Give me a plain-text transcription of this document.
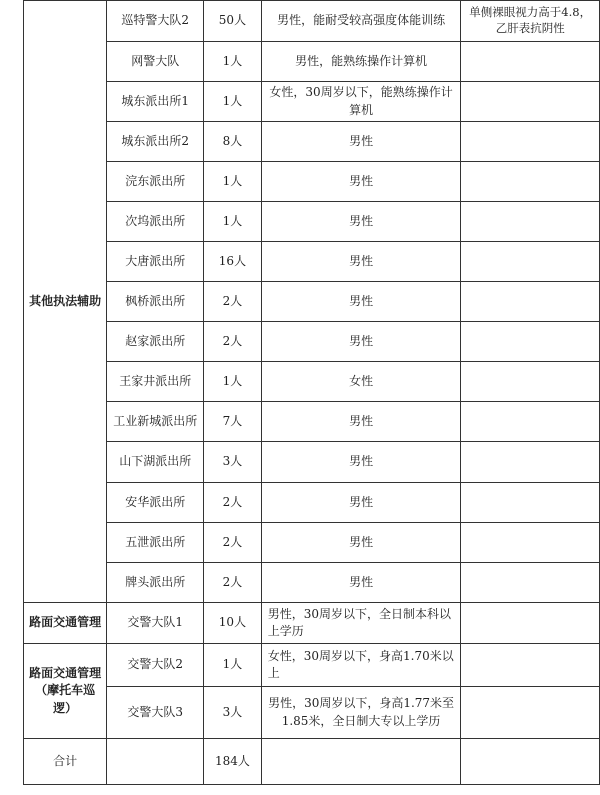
其他执法辅助	巡特警大队2	50人	男性，能耐受较高强度体能训练	单侧裸眼视力高于4.8，乙肝表抗阴性
	网警大队	1人	男性，能熟练操作计算机	
	城东派出所1	1人	女性，30周岁以下，能熟练操作计算机	
	城东派出所2	8人	男性	
	浣东派出所	1人	男性	
	次坞派出所	1人	男性	
	大唐派出所	16人	男性	
	枫桥派出所	2人	男性	
	赵家派出所	2人	男性	
	王家井派出所	1人	女性	
	工业新城派出所	7人	男性	
	山下湖派出所	3人	男性	
	安华派出所	2人	男性	
	五泄派出所	2人	男性	
	牌头派出所	2人	男性	
路面交通管理	交警大队1	10人	男性，30周岁以下，全日制本科以上学历	
路面交通管理（摩托车巡逻）	交警大队2	1人	女性，30周岁以下，身高1.70米以上	
	交警大队3	3人	男性，30周岁以下，身高1.77米至1.85米，全日制大专以上学历	
合计		184人		
